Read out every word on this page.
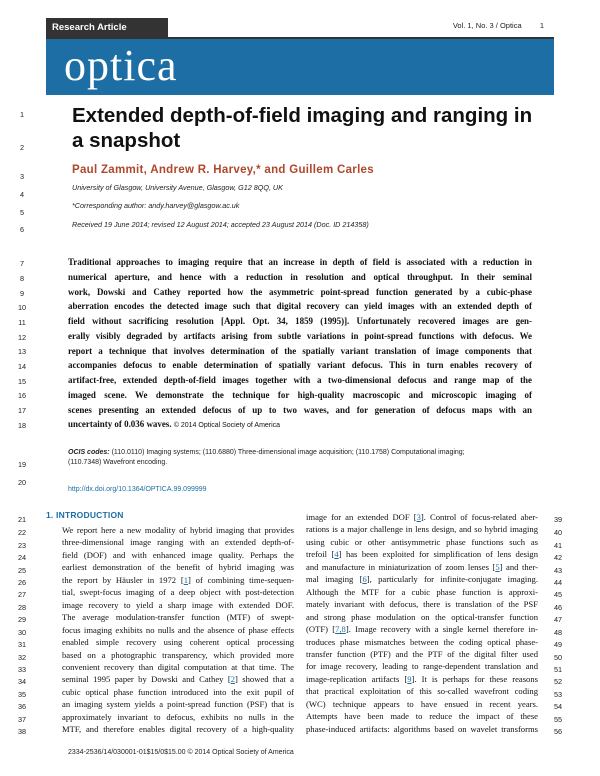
Research Article	Vol. 1, No. 3 / Optica 1
optica
Extended depth-of-field imaging and ranging in
a snapshot
Paul Zammit, Andrew R. Harvey,* and Guillem Carles
University of Glasgow, University Avenue, Glasgow, G12 8QQ, UK
*Corresponding author: andy.harvey@glasgow.ac.uk
Received 19 June 2014; revised 12 August 2014; accepted 23 August 2014 (Doc. ID 214358)
Traditional approaches to imaging require that an increase in depth of field is associated with a reduction in
numerical aperture, and hence with a reduction in resolution and optical throughput. In their seminal
work, Dowski and Cathey reported how the asymmetric point-spread function generated by a cubic-phase
aberration encodes the detected image such that digital recovery can yield images with an extended depth of
field without sacrificing resolution [Appl. Opt. 34, 1859 (1995)]. Unfortunately recovered images are gen-
erally visibly degraded by artifacts arising from subtle variations in point-spread functions with defocus. We
report a technique that involves determination of the spatially variant translation of image components that
accompanies defocus to enable determination of spatially variant defocus. This in turn enables recovery of
artifact-free, extended depth-of-field images together with a two-dimensional defocus and range map of the
imaged scene. We demonstrate the technique for high-quality macroscopic and microscopic imaging of
scenes presenting an extended defocus of up to two waves, and for generation of defocus maps with an
uncertainty of 0.036 waves. © 2014 Optical Society of America
OCIS codes: (110.0110) Imaging systems; (110.6880) Three-dimensional image acquisition; (110.1758) Computational imaging;
(110.7348) Wavefront encoding.
http://dx.doi.org/10.1364/OPTICA.99.099999
1. INTRODUCTION
We report here a new modality of hybrid imaging that provides
three-dimensional image ranging with an extended depth-of-
field (DOF) and with enhanced image quality. Perhaps the
earliest demonstration of the benefit of hybrid imaging was
the report by Häusler in 1972 [1] of combining time-sequen-
tial, swept-focus imaging of a deep object with post-detection
image recovery to yield a sharp image with extended DOF.
The average modulation-transfer function (MTF) of swept-
focus imaging exhibits no nulls and the absence of phase effects
enabled simple recovery using coherent optical processing
based on a photographic transparency, which provided more
convenient recovery than digital computation at that time. The
seminal 1995 paper by Dowski and Cathey [2] showed that a
cubic optical phase function introduced into the exit pupil of
an imaging system yields a point-spread function (PSF) that is
approximately invariant to defocus, exhibits no nulls in the
MTF, and therefore enables digital recovery of a high-quality
image for an extended DOF [3]. Control of focus-related aber-
rations is a major challenge in lens design, and so hybrid imaging
using cubic or other antisymmetric phase functions such as
trefoil [4] has been exploited for simplification of lens design
and manufacture in miniaturization of zoom lenses [5] and ther-
mal imaging [6], particularly for infinite-conjugate imaging.
Although the MTF for a cubic phase function is approxi-
mately invariant with defocus, there is translation of the PSF
and strong phase modulation on the optical-transfer function
(OTF) [7,8]. Image recovery with a single kernel therefore in-
troduces phase mismatches between the coding optical phase-
transfer function (PTF) and the PTF of the digital filter used
for image recovery, leading to range-dependent translation and
image-replication artifacts [9]. It is perhaps for these reasons
that practical exploitation of this so-called wavefront coding
(WC) technique appears to have ensued in recent years.
Attempts have been made to reduce the impact of these
phase-induced artifacts: algorithms based on wavelet transforms
1
2
3
4
5
6
7
8
9
10
11
12
13
14
15
16
17
18
19
20
21
22
23
24
25
26
27
28
29
30
31
32
33
34
35
36
37
38
39
40
41
42
43
44
45
46
47
48
49
50
51
52
53
54
55
56
2334-2536/14/030001-01$15/0$15.00 © 2014 Optical Society of America
